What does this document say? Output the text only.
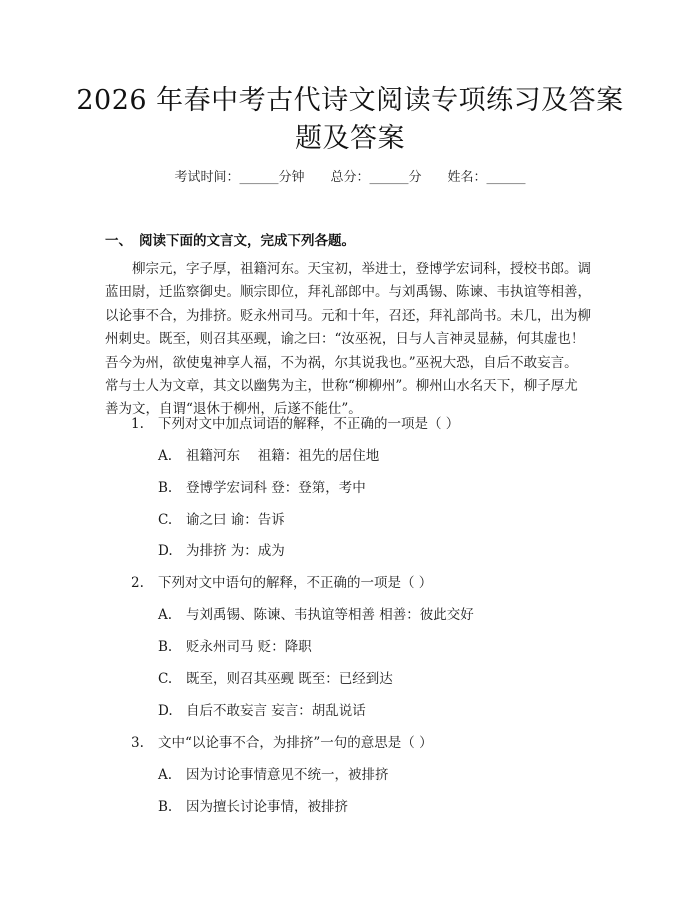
2026 年春中考古代诗文阅读专项练习及答案
题及答案
考试时间：______分钟 总分：______分 姓名：______
一、 阅读下面的文言文，完成下列各题。
　　柳宗元，字子厚，祖籍河东。天宝初，举进士，登博学宏词科，授校书郎。调
蓝田尉，迁监察御史。顺宗即位，拜礼部郎中。与刘禹锡、陈谏、韦执谊等相善，
以论事不合，为排挤。贬永州司马。元和十年，召还，拜礼部尚书。未几，出为柳
州刺史。既至，则召其巫觋，谕之曰：“汝巫祝，日与人言神灵显赫，何其虚也！
吾今为州，欲使鬼神享人福，不为祸，尔其说我也。”巫祝大恐，自后不敢妄言。
常与士人为文章，其文以幽隽为主，世称“柳柳州”。柳州山水名天下，柳子厚尤
善为文，自谓“退休于柳州，后遂不能仕”。
1. 下列对文中加点词语的解释，不正确的一项是（ ）
A. 祖籍河东　 祖籍：祖先的居住地
B. 登博学宏词科 登：登第，考中
C. 谕之曰 谕：告诉
D. 为排挤 为：成为
2. 下列对文中语句的解释，不正确的一项是（ ）
A. 与刘禹锡、陈谏、韦执谊等相善 相善：彼此交好
B. 贬永州司马 贬：降职
C. 既至，则召其巫觋 既至：已经到达
D. 自后不敢妄言 妄言：胡乱说话
3. 文中“以论事不合，为排挤”一句的意思是（ ）
A. 因为讨论事情意见不统一，被排挤
B. 因为擅长讨论事情，被排挤
